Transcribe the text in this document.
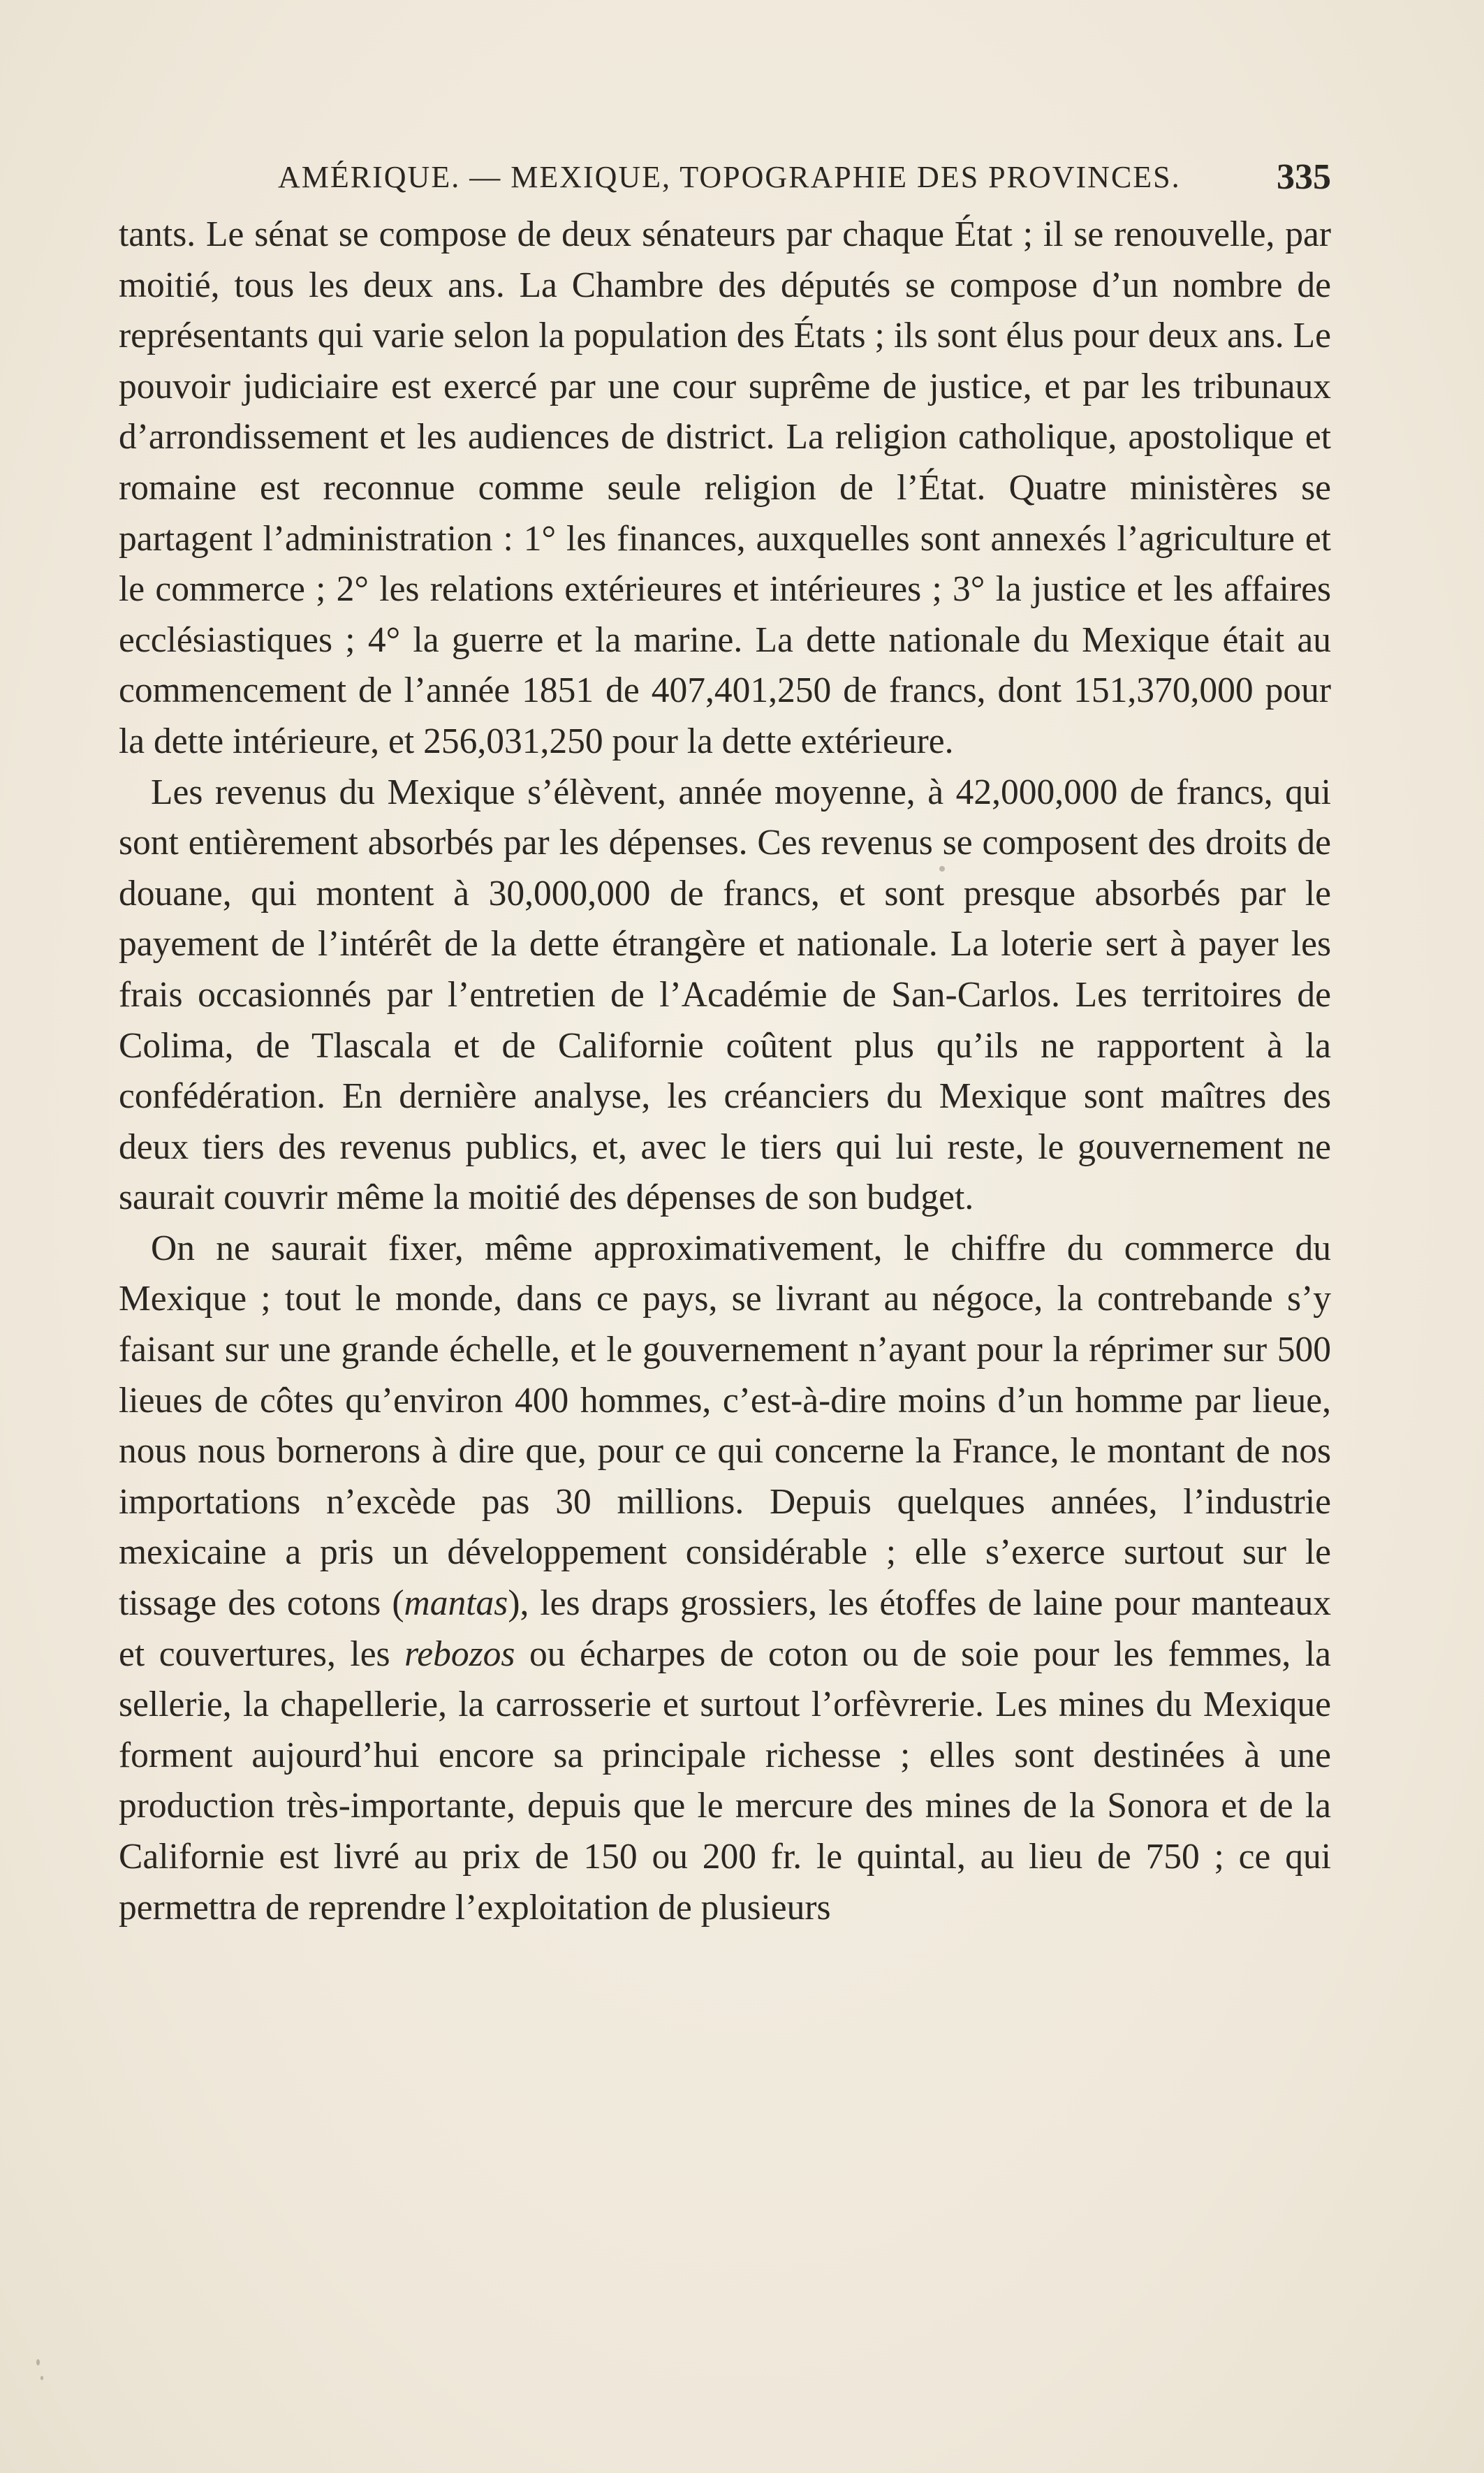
AMÉRIQUE. — MEXIQUE, TOPOGRAPHIE DES PROVINCES.	335

tants. Le sénat se compose de deux sénateurs par chaque État ; il se renouvelle, par moitié, tous les deux ans. La Chambre des députés se compose d’un nombre de représentants qui varie selon la population des États ; ils sont élus pour deux ans. Le pouvoir judiciaire est exercé par une cour suprême de justice, et par les tribunaux d’arrondissement et les audiences de district. La religion catholique, apostolique et romaine est reconnue comme seule religion de l’État. Quatre ministères se partagent l’administration : 1° les finances, auxquelles sont annexés l’agriculture et le commerce ; 2° les relations extérieures et intérieures ; 3° la justice et les affaires ecclésiastiques ; 4° la guerre et la marine. La dette nationale du Mexique était au commencement de l’année 1851 de 407,401,250 de francs, dont 151,370,000 pour la dette intérieure, et 256,031,250 pour la dette extérieure.

Les revenus du Mexique s’élèvent, année moyenne, à 42,000,000 de francs, qui sont entièrement absorbés par les dépenses. Ces revenus se composent des droits de douane, qui montent à 30,000,000 de francs, et sont presque absorbés par le payement de l’intérêt de la dette étrangère et nationale. La loterie sert à payer les frais occasionnés par l’entretien de l’Académie de San-Carlos. Les territoires de Colima, de Tlascala et de Californie coûtent plus qu’ils ne rapportent à la confédération. En dernière analyse, les créanciers du Mexique sont maîtres des deux tiers des revenus publics, et, avec le tiers qui lui reste, le gouvernement ne saurait couvrir même la moitié des dépenses de son budget.

On ne saurait fixer, même approximativement, le chiffre du commerce du Mexique ; tout le monde, dans ce pays, se livrant au négoce, la contrebande s’y faisant sur une grande échelle, et le gouvernement n’ayant pour la réprimer sur 500 lieues de côtes qu’environ 400 hommes, c’est-à-dire moins d’un homme par lieue, nous nous bornerons à dire que, pour ce qui concerne la France, le montant de nos importations n’excède pas 30 millions. Depuis quelques années, l’industrie mexicaine a pris un développement considérable ; elle s’exerce surtout sur le tissage des cotons (mantas), les draps grossiers, les étoffes de laine pour manteaux et couvertures, les rebozos ou écharpes de coton ou de soie pour les femmes, la sellerie, la chapellerie, la carrosserie et surtout l’orfèvrerie. Les mines du Mexique forment aujourd’hui encore sa principale richesse ; elles sont destinées à une production très-importante, depuis que le mercure des mines de la Sonora et de la Californie est livré au prix de 150 ou 200 fr. le quintal, au lieu de 750 ; ce qui permettra de reprendre l’exploitation de plusieurs
